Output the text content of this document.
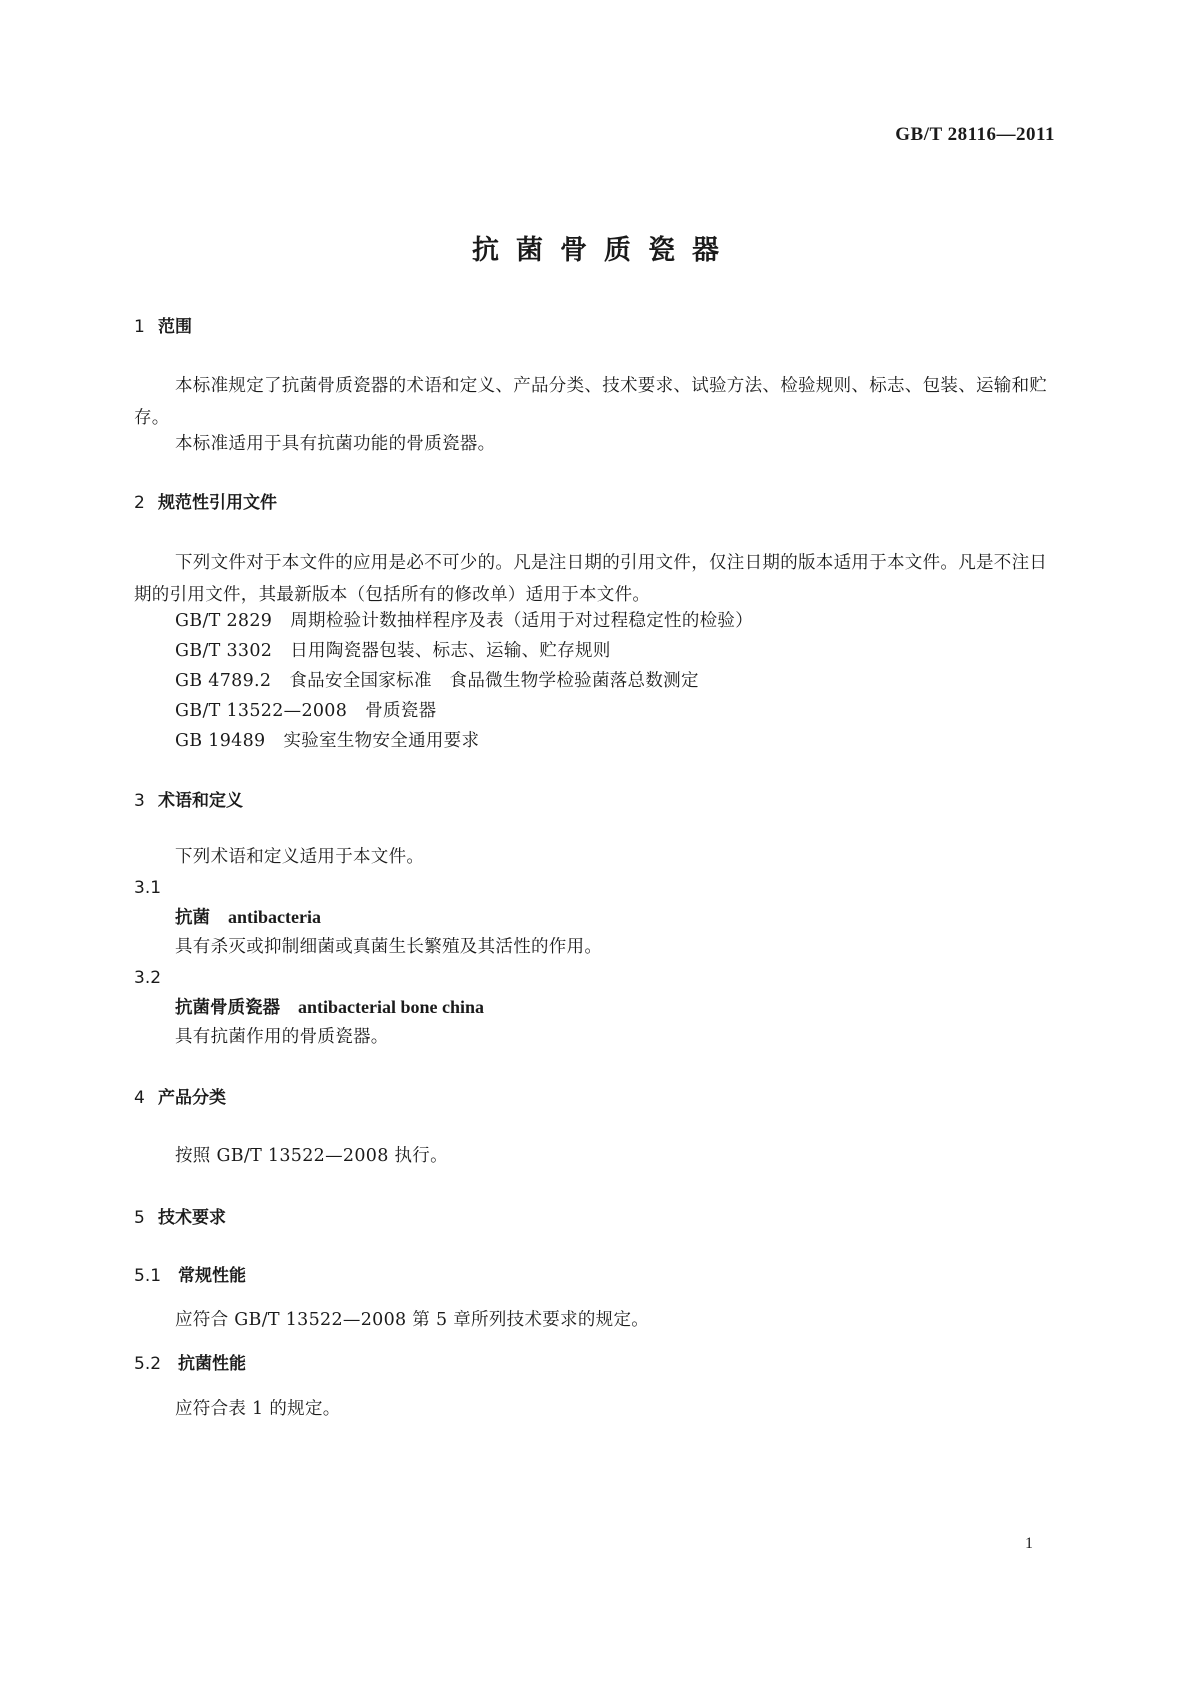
GB/T 28116—2011
抗菌骨质瓷器
1 范围
本标准规定了抗菌骨质瓷器的术语和定义、产品分类、技术要求、试验方法、检验规则、标志、包装、运输和贮存。
本标准适用于具有抗菌功能的骨质瓷器。
2 规范性引用文件
下列文件对于本文件的应用是必不可少的。凡是注日期的引用文件，仅注日期的版本适用于本文件。凡是不注日期的引用文件，其最新版本（包括所有的修改单）适用于本文件。
GB/T 2829 周期检验计数抽样程序及表（适用于对过程稳定性的检验）
GB/T 3302 日用陶瓷器包装、标志、运输、贮存规则
GB 4789.2 食品安全国家标准　食品微生物学检验菌落总数测定
GB/T 13522—2008 骨质瓷器
GB 19489 实验室生物安全通用要求
3 术语和定义
下列术语和定义适用于本文件。
3.1
抗菌 antibacteria
具有杀灭或抑制细菌或真菌生长繁殖及其活性的作用。
3.2
抗菌骨质瓷器 antibacterial bone china
具有抗菌作用的骨质瓷器。
4 产品分类
按照 GB/T 13522—2008 执行。
5 技术要求
5.1 常规性能
应符合 GB/T 13522—2008 第 5 章所列技术要求的规定。
5.2 抗菌性能
应符合表 1 的规定。
1
